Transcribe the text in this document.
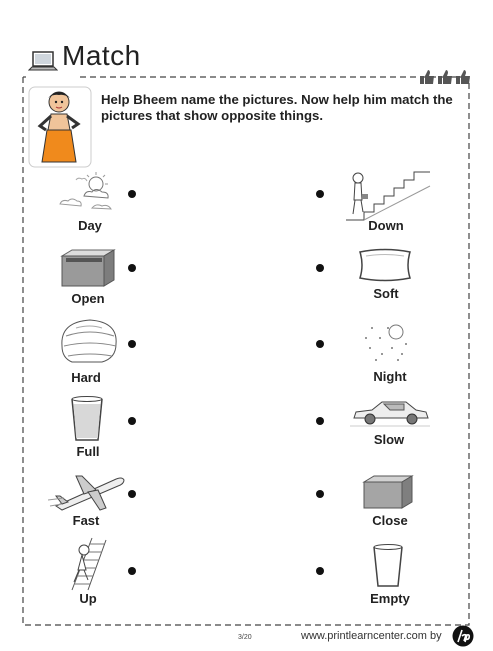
Match
Help Bheem name the pictures. Now help him match the pictures that show opposite things.
Day
Open
Hard
Full
Fast
Up
Down
Soft
Night
Slow
Close
Empty
3/20	www.printlearncenter.com by
